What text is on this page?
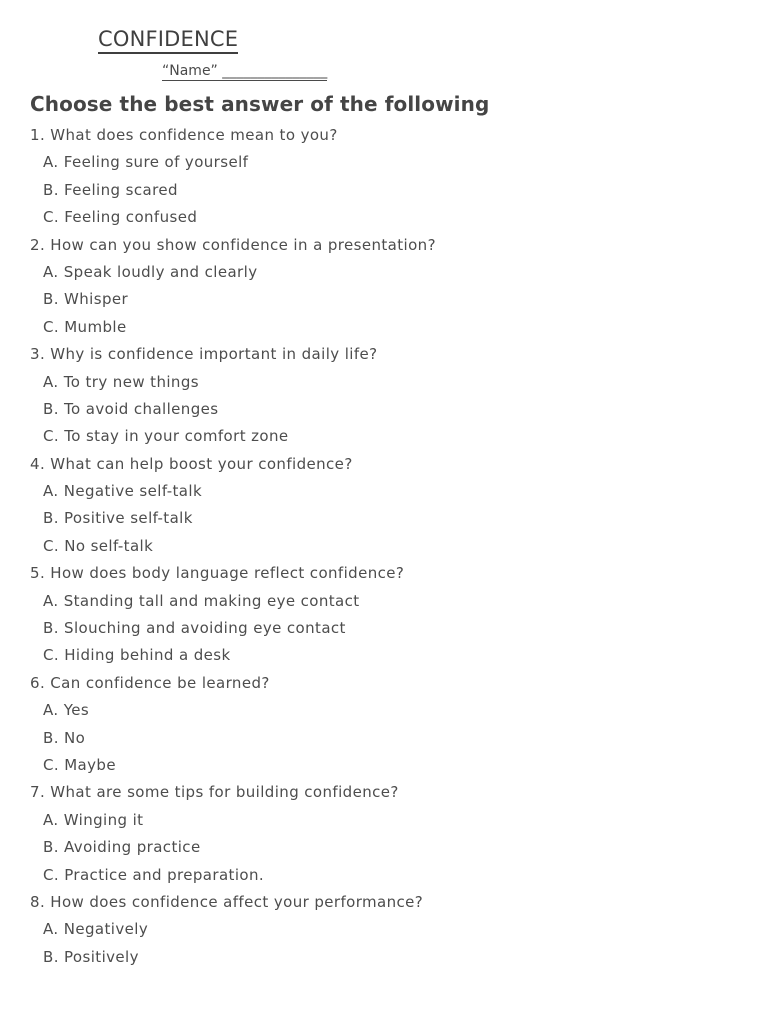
CONFIDENCE
“Name” _______________
Choose the best answer of the following
1. What does confidence mean to you?
A. Feeling sure of yourself
B. Feeling scared
C. Feeling confused
2. How can you show confidence in a presentation?
A. Speak loudly and clearly
B. Whisper
C. Mumble
3. Why is confidence important in daily life?
A. To try new things
B. To avoid challenges
C. To stay in your comfort zone
4. What can help boost your confidence?
A. Negative self-talk
B. Positive self-talk
C. No self-talk
5. How does body language reflect confidence?
A. Standing tall and making eye contact
B. Slouching and avoiding eye contact
C. Hiding behind a desk
6. Can confidence be learned?
A. Yes
B. No
C. Maybe
7. What are some tips for building confidence?
A. Winging it
B. Avoiding practice
C. Practice and preparation.
8. How does confidence affect your performance?
A. Negatively
B. Positively
